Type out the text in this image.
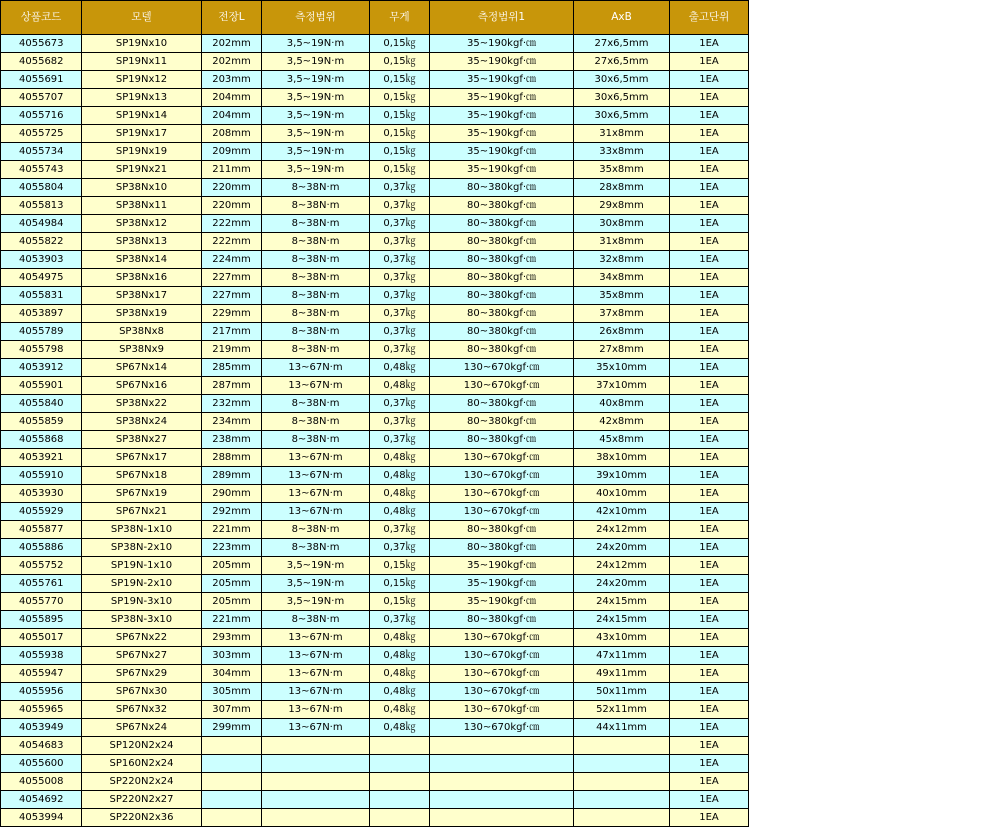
상품코드	모델	전장L	측정범위	무게	측정범위1	AxB	출고단위
4055673	SP19Nx10	202mm	3,5~19N·m	0,15㎏	35~190kgf·㎝	27x6,5mm	1EA
4055682	SP19Nx11	202mm	3,5~19N·m	0,15㎏	35~190kgf·㎝	27x6,5mm	1EA
4055691	SP19Nx12	203mm	3,5~19N·m	0,15㎏	35~190kgf·㎝	30x6,5mm	1EA
4055707	SP19Nx13	204mm	3,5~19N·m	0,15㎏	35~190kgf·㎝	30x6,5mm	1EA
4055716	SP19Nx14	204mm	3,5~19N·m	0,15㎏	35~190kgf·㎝	30x6,5mm	1EA
4055725	SP19Nx17	208mm	3,5~19N·m	0,15㎏	35~190kgf·㎝	31x8mm	1EA
4055734	SP19Nx19	209mm	3,5~19N·m	0,15㎏	35~190kgf·㎝	33x8mm	1EA
4055743	SP19Nx21	211mm	3,5~19N·m	0,15㎏	35~190kgf·㎝	35x8mm	1EA
4055804	SP38Nx10	220mm	8~38N·m	0,37㎏	80~380kgf·㎝	28x8mm	1EA
4055813	SP38Nx11	220mm	8~38N·m	0,37㎏	80~380kgf·㎝	29x8mm	1EA
4054984	SP38Nx12	222mm	8~38N·m	0,37㎏	80~380kgf·㎝	30x8mm	1EA
4055822	SP38Nx13	222mm	8~38N·m	0,37㎏	80~380kgf·㎝	31x8mm	1EA
4053903	SP38Nx14	224mm	8~38N·m	0,37㎏	80~380kgf·㎝	32x8mm	1EA
4054975	SP38Nx16	227mm	8~38N·m	0,37㎏	80~380kgf·㎝	34x8mm	1EA
4055831	SP38Nx17	227mm	8~38N·m	0,37㎏	80~380kgf·㎝	35x8mm	1EA
4053897	SP38Nx19	229mm	8~38N·m	0,37㎏	80~380kgf·㎝	37x8mm	1EA
4055789	SP38Nx8	217mm	8~38N·m	0,37㎏	80~380kgf·㎝	26x8mm	1EA
4055798	SP38Nx9	219mm	8~38N·m	0,37㎏	80~380kgf·㎝	27x8mm	1EA
4053912	SP67Nx14	285mm	13~67N·m	0,48㎏	130~670kgf·㎝	35x10mm	1EA
4055901	SP67Nx16	287mm	13~67N·m	0,48㎏	130~670kgf·㎝	37x10mm	1EA
4055840	SP38Nx22	232mm	8~38N·m	0,37㎏	80~380kgf·㎝	40x8mm	1EA
4055859	SP38Nx24	234mm	8~38N·m	0,37㎏	80~380kgf·㎝	42x8mm	1EA
4055868	SP38Nx27	238mm	8~38N·m	0,37㎏	80~380kgf·㎝	45x8mm	1EA
4053921	SP67Nx17	288mm	13~67N·m	0,48㎏	130~670kgf·㎝	38x10mm	1EA
4055910	SP67Nx18	289mm	13~67N·m	0,48㎏	130~670kgf·㎝	39x10mm	1EA
4053930	SP67Nx19	290mm	13~67N·m	0,48㎏	130~670kgf·㎝	40x10mm	1EA
4055929	SP67Nx21	292mm	13~67N·m	0,48㎏	130~670kgf·㎝	42x10mm	1EA
4055877	SP38N-1x10	221mm	8~38N·m	0,37㎏	80~380kgf·㎝	24x12mm	1EA
4055886	SP38N-2x10	223mm	8~38N·m	0,37㎏	80~380kgf·㎝	24x20mm	1EA
4055752	SP19N-1x10	205mm	3,5~19N·m	0,15㎏	35~190kgf·㎝	24x12mm	1EA
4055761	SP19N-2x10	205mm	3,5~19N·m	0,15㎏	35~190kgf·㎝	24x20mm	1EA
4055770	SP19N-3x10	205mm	3,5~19N·m	0,15㎏	35~190kgf·㎝	24x15mm	1EA
4055895	SP38N-3x10	221mm	8~38N·m	0,37㎏	80~380kgf·㎝	24x15mm	1EA
4055017	SP67Nx22	293mm	13~67N·m	0,48㎏	130~670kgf·㎝	43x10mm	1EA
4055938	SP67Nx27	303mm	13~67N·m	0,48㎏	130~670kgf·㎝	47x11mm	1EA
4055947	SP67Nx29	304mm	13~67N·m	0,48㎏	130~670kgf·㎝	49x11mm	1EA
4055956	SP67Nx30	305mm	13~67N·m	0,48㎏	130~670kgf·㎝	50x11mm	1EA
4055965	SP67Nx32	307mm	13~67N·m	0,48㎏	130~670kgf·㎝	52x11mm	1EA
4053949	SP67Nx24	299mm	13~67N·m	0,48㎏	130~670kgf·㎝	44x11mm	1EA
4054683	SP120N2x24						1EA
4055600	SP160N2x24						1EA
4055008	SP220N2x24						1EA
4054692	SP220N2x27						1EA
4053994	SP220N2x36						1EA
